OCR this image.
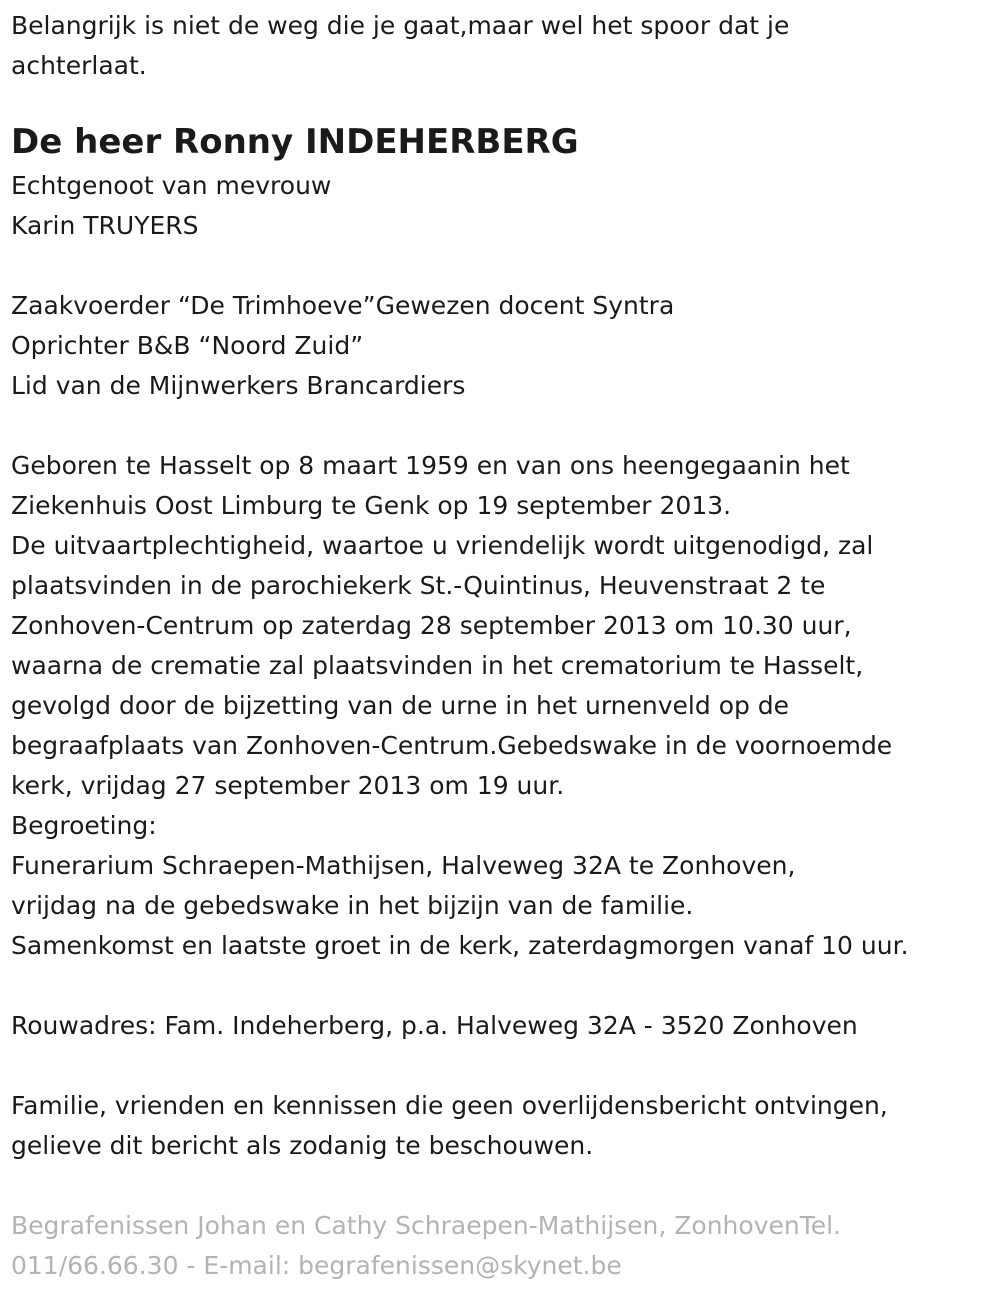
Belangrijk is niet de weg die je gaat,maar wel het spoor dat je
achterlaat.
De heer Ronny INDEHERBERG
Echtgenoot van mevrouw
Karin TRUYERS
Zaakvoerder “De Trimhoeve”Gewezen docent Syntra
Oprichter B&B “Noord Zuid”
Lid van de Mijnwerkers Brancardiers
Geboren te Hasselt op 8 maart 1959 en van ons heengegaanin het
Ziekenhuis Oost Limburg te Genk op 19 september 2013.
De uitvaartplechtigheid, waartoe u vriendelijk wordt uitgenodigd, zal
plaatsvinden in de parochiekerk St.-Quintinus, Heuvenstraat 2 te
Zonhoven-Centrum op zaterdag 28 september 2013 om 10.30 uur,
waarna de crematie zal plaatsvinden in het crematorium te Hasselt,
gevolgd door de bijzetting van de urne in het urnenveld op de
begraafplaats van Zonhoven-Centrum.Gebedswake in de voornoemde
kerk, vrijdag 27 september 2013 om 19 uur.
Begroeting:
Funerarium Schraepen-Mathijsen, Halveweg 32A te Zonhoven,
vrijdag na de gebedswake in het bijzijn van de familie.
Samenkomst en laatste groet in de kerk, zaterdagmorgen vanaf 10 uur.
Rouwadres: Fam. Indeherberg, p.a. Halveweg 32A - 3520 Zonhoven
Familie, vrienden en kennissen die geen overlijdensbericht ontvingen,
gelieve dit bericht als zodanig te beschouwen.
Begrafenissen Johan en Cathy Schraepen-Mathijsen, ZonhovenTel.
011/66.66.30 - E-mail: begrafenissen@skynet.be
